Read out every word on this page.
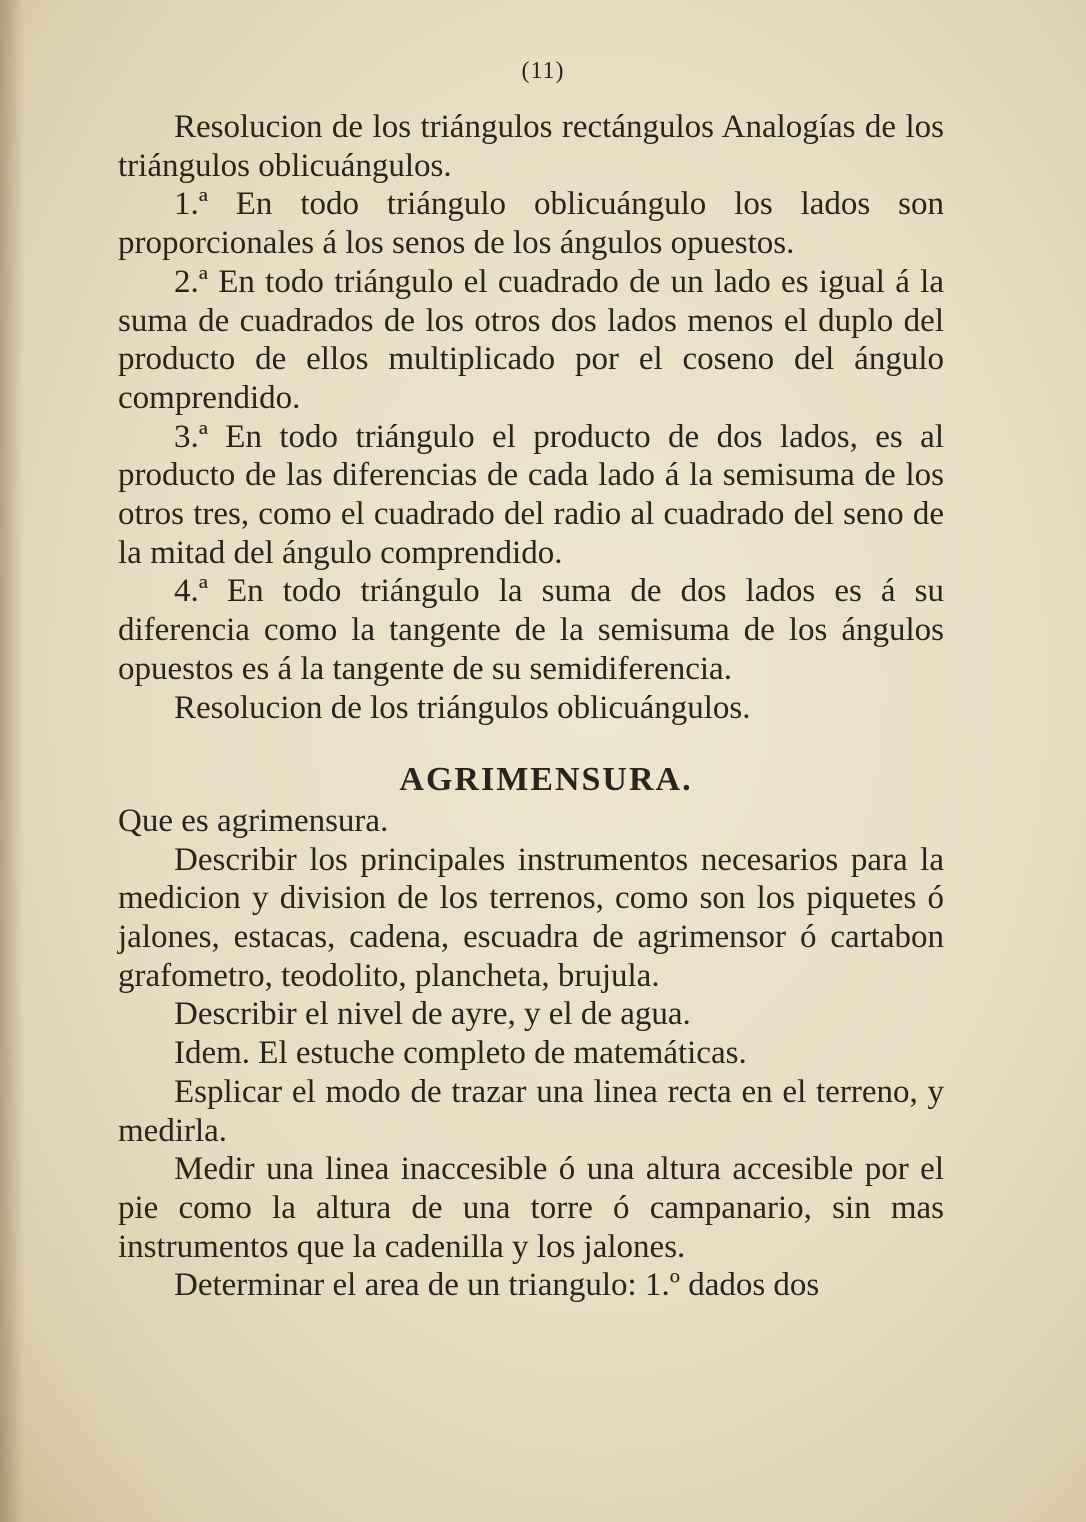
(11)

Resolucion de los triángulos rectángulos Analogías de los triángulos oblicuángulos.

1.ª En todo triángulo oblicuángulo los lados son proporcionales á los senos de los ángulos opuestos.

2.ª En todo triángulo el cuadrado de un lado es igual á la suma de cuadrados de los otros dos lados menos el duplo del producto de ellos multiplicado por el coseno del ángulo comprendido.

3.ª En todo triángulo el producto de dos lados, es al producto de las diferencias de cada lado á la semisuma de los otros tres, como el cuadrado del radio al cuadrado del seno de la mitad del ángulo comprendido.

4.ª En todo triángulo la suma de dos lados es á su diferencia como la tangente de la semisuma de los ángulos opuestos es á la tangente de su semidiferencia.

Resolucion de los triángulos oblicuángulos.

AGRIMENSURA.

Que es agrimensura.

Describir los principales instrumentos necesarios para la medicion y division de los terrenos, como son los piquetes ó jalones, estacas, cadena, escuadra de agrimensor ó cartabon grafometro, teodolito, plancheta, brujula.

Describir el nivel de ayre, y el de agua.

Idem. El estuche completo de matemáticas.

Esplicar el modo de trazar una linea recta en el terreno, y medirla.

Medir una linea inaccesible ó una altura accesible por el pie como la altura de una torre ó campanario, sin mas instrumentos que la cadenilla y los jalones.

Determinar el area de un triangulo: 1.º dados dos
